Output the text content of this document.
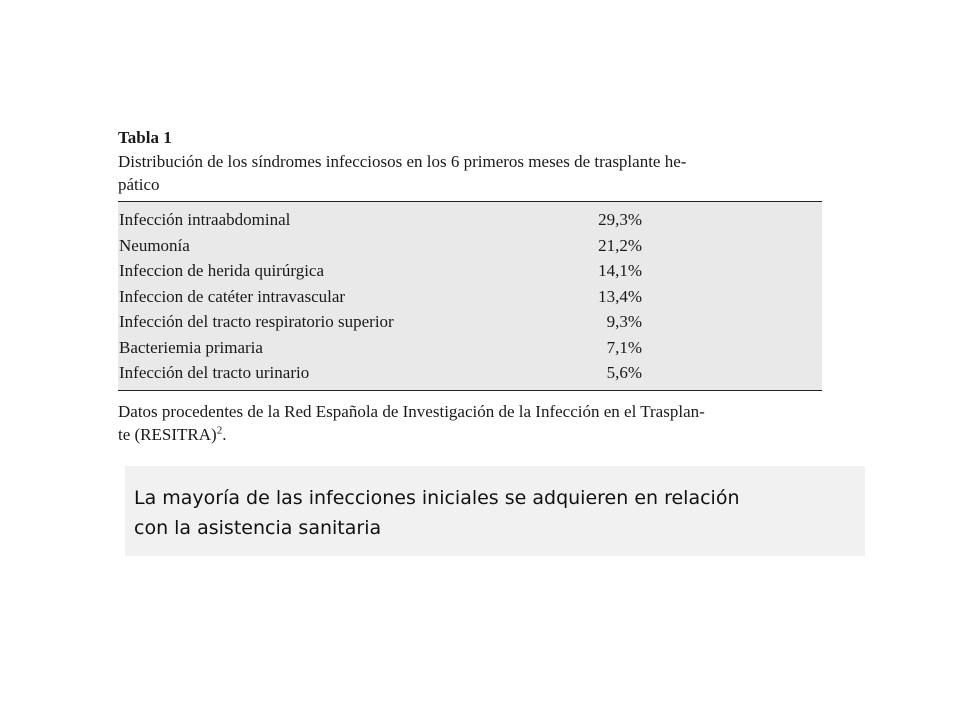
Tabla 1
Distribución de los síndromes infecciosos en los 6 primeros meses de trasplante he-
pático
Infección intraabdominal	29,3%
Neumonía	21,2%
Infeccion de herida quirúrgica	14,1%
Infeccion de catéter intravascular	13,4%
Infección del tracto respiratorio superior	9,3%
Bacteriemia primaria	7,1%
Infección del tracto urinario	5,6%
Datos procedentes de la Red Española de Investigación de la Infección en el Trasplan-
te (RESITRA)$^2$.
La mayoría de las infecciones iniciales se adquieren en relación
con la asistencia sanitaria
